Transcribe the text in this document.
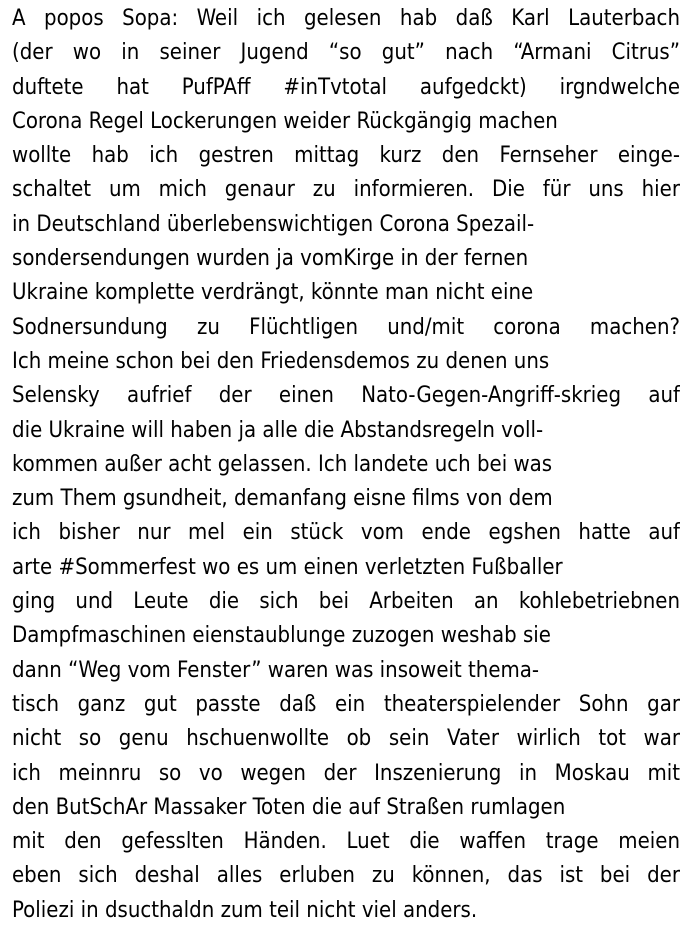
A popos Sopa: Weil ich gelesen hab daß Karl Lauterbach
(der wo in seiner Jugend “so gut” nach “Armani Citrus”
duftete hat PufPAff #inTvtotal aufgedckt) irgndwelche
Corona Regel Lockerungen weider Rückgängig machen
wollte hab ich gestren mittag kurz den Fernseher einge-
schaltet um mich genaur zu informieren. Die für uns hier
in Deutschland überlebenswichtigen Corona Spezail-
sondersendungen wurden ja vomKirge in der fernen
Ukraine komplette verdrängt, könnte man nicht eine
Sodnersundung zu Flüchtligen und/mit corona machen?
Ich meine schon bei den Friedensdemos zu denen uns
Selensky aufrief der einen Nato-Gegen-Angriff-skrieg auf
die Ukraine will haben ja alle die Abstandsregeln voll-
kommen außer acht gelassen. Ich landete uch bei was
zum Them gsundheit, demanfang eisne films von dem
ich bisher nur mel ein stück vom ende egshen hatte auf
arte #Sommerfest wo es um einen verletzten Fußballer
ging und Leute die sich bei Arbeiten an kohlebetriebnen
Dampfmaschinen eienstaublunge zuzogen weshab sie
dann “Weg vom Fenster” waren was insoweit thema-
tisch ganz gut passte daß ein theaterspielender Sohn gar
nicht so genu hschuenwollte ob sein Vater wirlich tot war
ich meinnru so vo wegen der Inszenierung in Moskau mit
den ButSchAr Massaker Toten die auf Straßen rumlagen
mit den gefesslten Händen. Luet die waffen trage meien
eben sich deshal alles erluben zu können, das ist bei der
Poliezi in dsucthaldn zum teil nicht viel anders.
